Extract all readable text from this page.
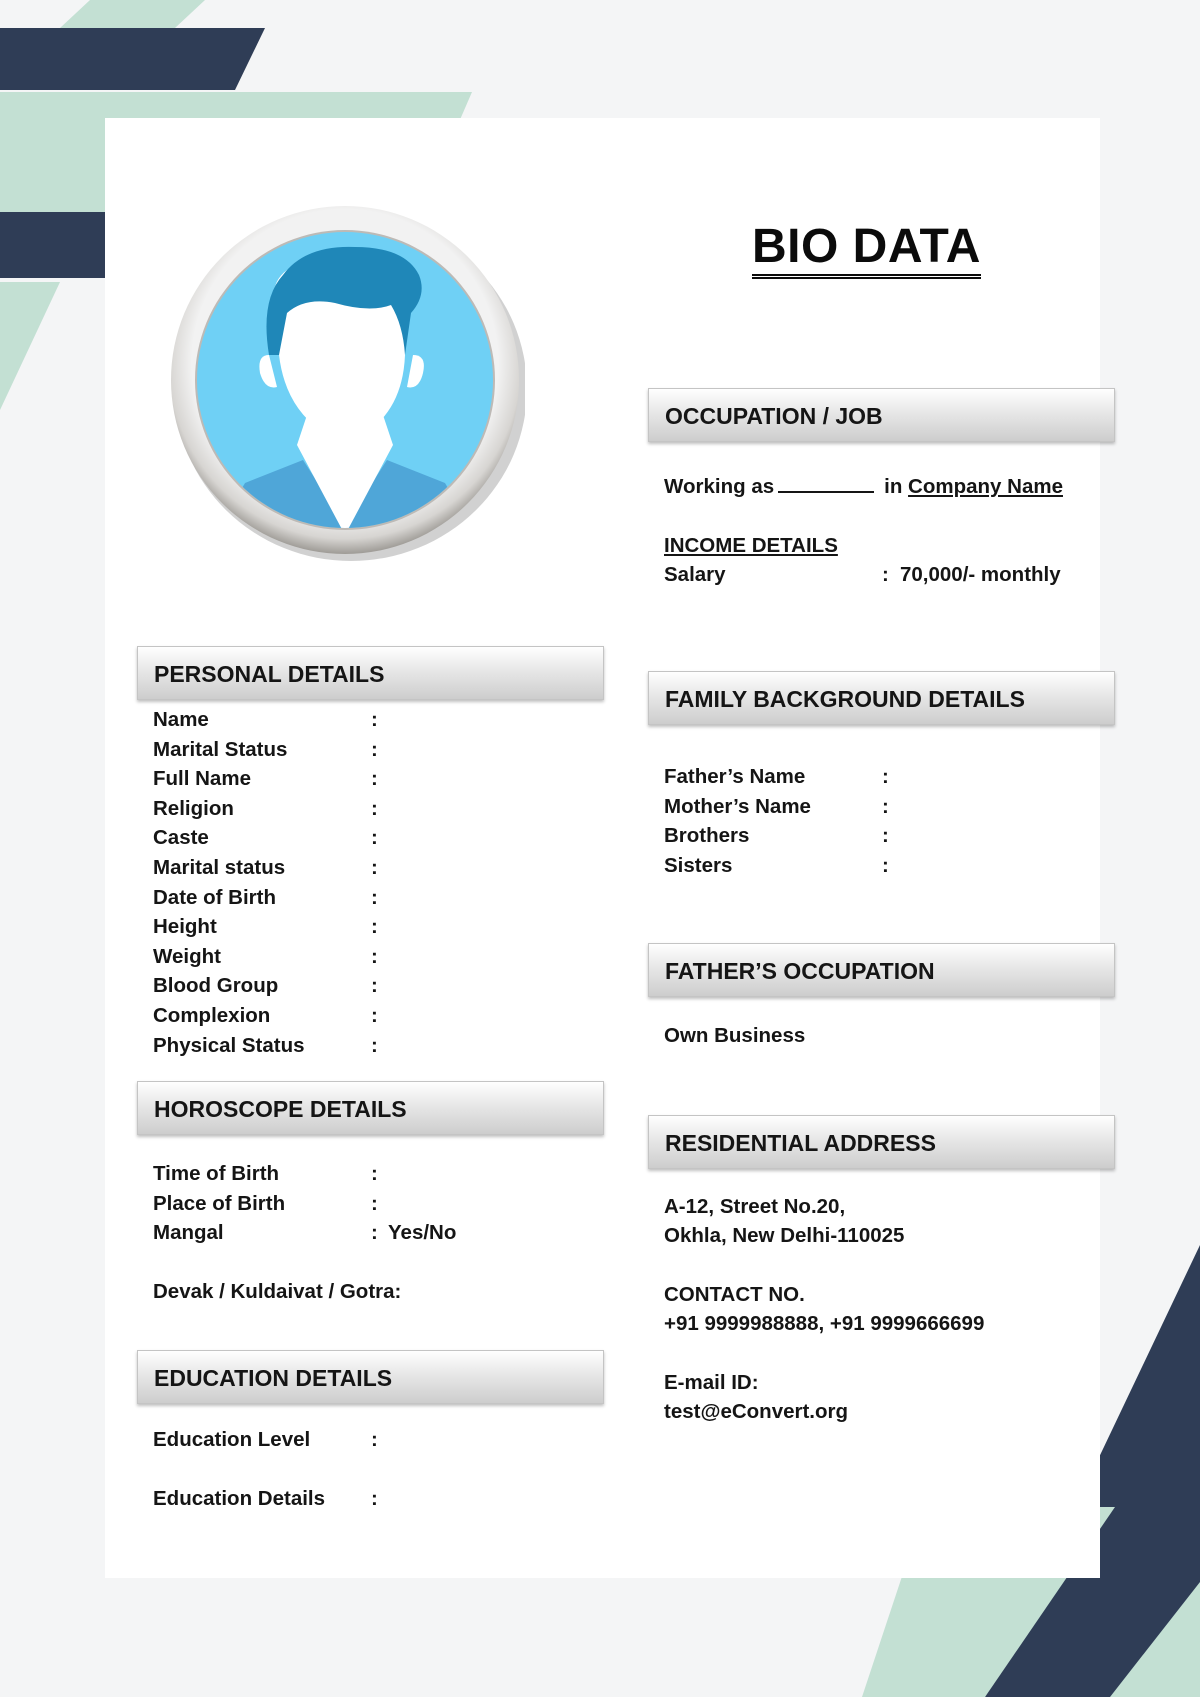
BIO DATA
PERSONAL DETAILS
Name	:
Marital Status	:
Full Name	:
Religion	:
Caste	:
Marital status	:
Date of Birth	:
Height	:
Weight	:
Blood Group	:
Complexion	:
Physical Status	:
HOROSCOPE DETAILS
Time of Birth	:
Place of Birth	:
Mangal	: Yes/No
Devak / Kuldaivat / Gotra:
EDUCATION DETAILS
Education Level	:
Education Details :
OCCUPATION / JOB
Working as	in Company Name
INCOME DETAILS
Salary	: 70,000/- monthly
FAMILY BACKGROUND DETAILS
Father’s Name	:
Mother’s Name	:
Brothers	:
Sisters	:
FATHER’S OCCUPATION
Own Business
RESIDENTIAL ADDRESS
A-12, Street No.20,
Okhla, New Delhi-110025
CONTACT NO.
+91 9999988888, +91 9999666699
E-mail ID:
test@eConvert.org
